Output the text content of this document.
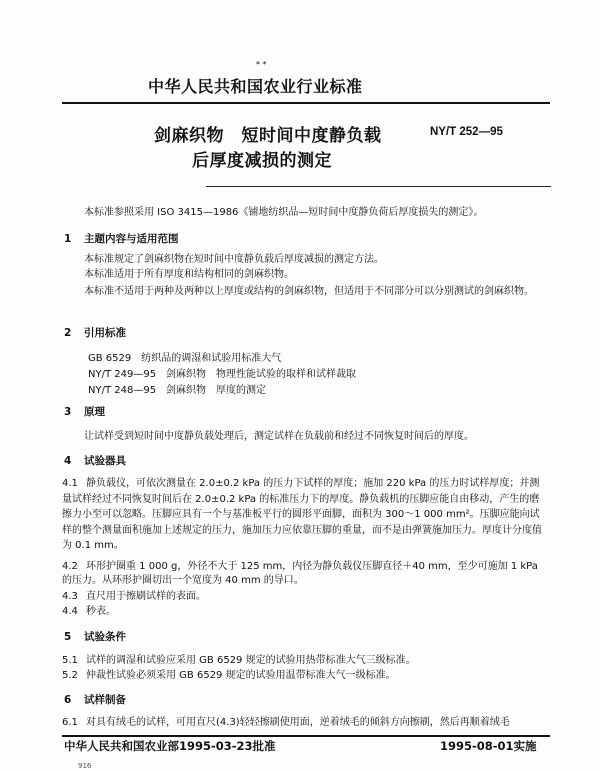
* *
中华人民共和国农业行业标准
剑麻织物　短时间中度静负载
后厚度减损的测定
NY/T 252—95
本标准参照采用 ISO 3415—1986《铺地纺织品—短时间中度静负荷后厚度损失的测定》。
1 主题内容与适用范围
本标准规定了剑麻织物在短时间中度静负载后厚度减损的测定方法。
本标准适用于所有厚度和结构相同的剑麻织物。
本标准不适用于两种及两种以上厚度或结构的剑麻织物，但适用于不同部分可以分别测试的剑麻织物。
2 引用标准
GB 6529　纺织品的调湿和试验用标准大气
NY/T 249—95　剑麻织物　物理性能试验的取样和试样裁取
NY/T 248—95　剑麻织物　厚度的测定
3 原理
让试样受到短时间中度静负载处理后，测定试样在负载前和经过不同恢复时间后的厚度。
4 试验器具
4.1 静负载仪，可依次测量在 2.0±0.2 kPa 的压力下试样的厚度；施加 220 kPa 的压力时试样厚度；并测量试样经过不同恢复时间后在 2.0±0.2 kPa 的标准压力下的厚度。静负载机的压脚应能自由移动，产生的磨擦力小至可以忽略。压脚应具有一个与基准板平行的圆形平面脚，面积为 300～1 000 mm²。压脚应能向试样的整个测量面积施加上述规定的压力，施加压力应依靠压脚的重量，而不是由弹簧施加压力。厚度计分度值为 0.1 mm。
4.2 环形护圈重 1 000 g，外径不大于 125 mm，内径为静负载仪压脚直径＋40 mm，至少可施加 1 kPa 的压力。从环形护圈切出一个宽度为 40 mm 的导口。
4.3 直尺用于擦刷试样的表面。
4.4 秒表。
5 试验条件
5.1 试样的调湿和试验应采用 GB 6529 规定的试验用热带标准大气三级标准。
5.2 仲裁性试验必须采用 GB 6529 规定的试验用温带标准大气一级标准。
6 试样制备
6.1 对具有绒毛的试样，可用直尺(4.3)轻轻擦刷使用面，逆着绒毛的倾斜方向擦刷，然后再顺着绒毛
中华人民共和国农业部1995-03-23批准	1995-08-01实施
916
